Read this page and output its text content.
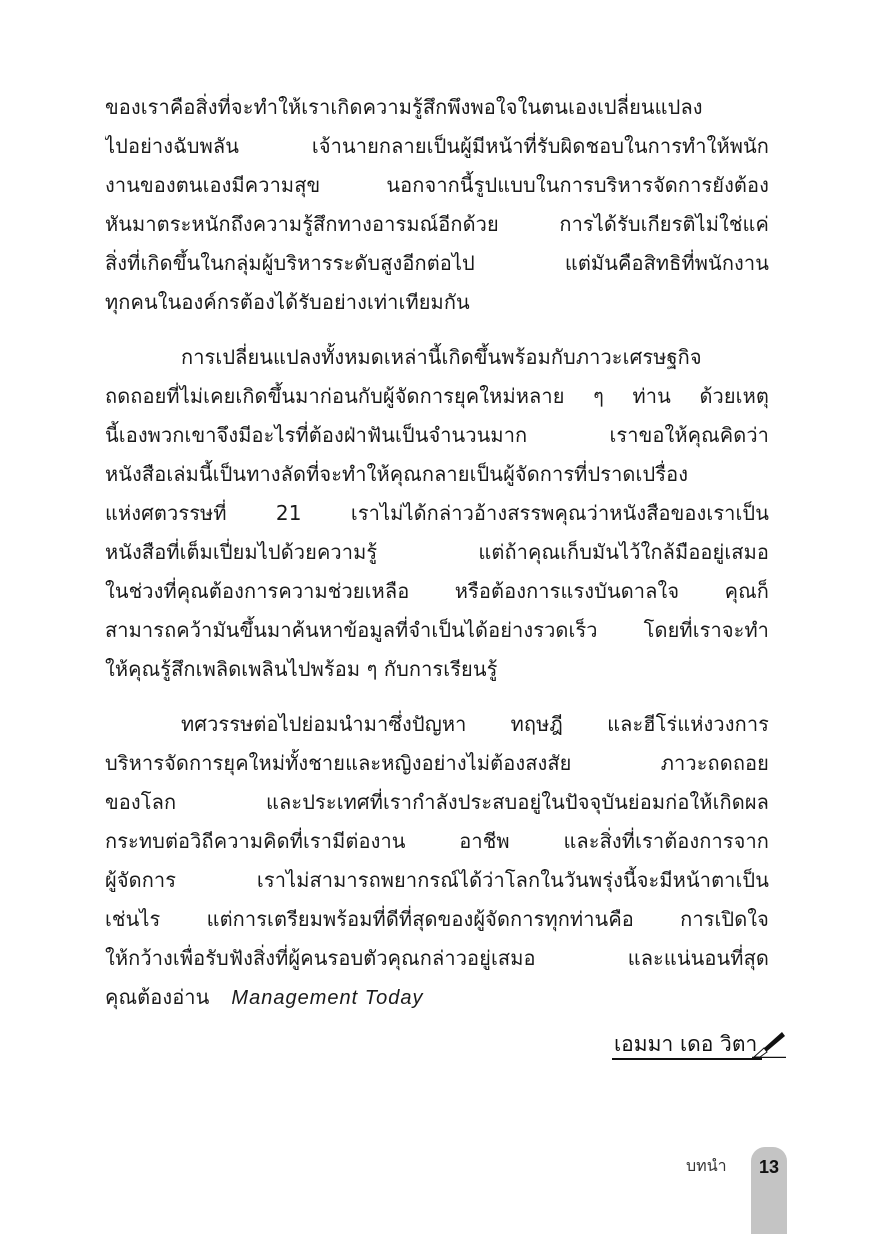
ของเราคือสิ่งที่จะทำให้เราเกิดความรู้สึกพึงพอใจในตนเองเปลี่ยนแปลง
ไปอย่างฉับพลัน เจ้านายกลายเป็นผู้มีหน้าที่รับผิดชอบในการทำให้พนัก
งานของตนเองมีความสุข นอกจากนี้รูปแบบในการบริหารจัดการยังต้อง
หันมาตระหนักถึงความรู้สึกทางอารมณ์อีกด้วย การได้รับเกียรติไม่ใช่แค่
สิ่งที่เกิดขึ้นในกลุ่มผู้บริหารระดับสูงอีกต่อไป แต่มันคือสิทธิที่พนักงาน
ทุกคนในองค์กรต้องได้รับอย่างเท่าเทียมกัน

การเปลี่ยนแปลงทั้งหมดเหล่านี้เกิดขึ้นพร้อมกับภาวะเศรษฐกิจ
ถดถอยที่ไม่เคยเกิดขึ้นมาก่อนกับผู้จัดการยุคใหม่หลาย ๆ ท่าน ด้วยเหตุ
นี้เองพวกเขาจึงมีอะไรที่ต้องฝ่าฟันเป็นจำนวนมาก เราขอให้คุณคิดว่า
หนังสือเล่มนี้เป็นทางลัดที่จะทำให้คุณกลายเป็นผู้จัดการที่ปราดเปรื่อง
แห่งศตวรรษที่ 21 เราไม่ได้กล่าวอ้างสรรพคุณว่าหนังสือของเราเป็น
หนังสือที่เต็มเปี่ยมไปด้วยความรู้ แต่ถ้าคุณเก็บมันไว้ใกล้มืออยู่เสมอ
ในช่วงที่คุณต้องการความช่วยเหลือ หรือต้องการแรงบันดาลใจ คุณก็
สามารถคว้ามันขึ้นมาค้นหาข้อมูลที่จำเป็นได้อย่างรวดเร็ว โดยที่เราจะทำ
ให้คุณรู้สึกเพลิดเพลินไปพร้อม ๆ กับการเรียนรู้

ทศวรรษต่อไปย่อมนำมาซึ่งปัญหา ทฤษฎี และฮีโร่แห่งวงการ
บริหารจัดการยุคใหม่ทั้งชายและหญิงอย่างไม่ต้องสงสัย ภาวะถดถอย
ของโลก และประเทศที่เรากำลังประสบอยู่ในปัจจุบันย่อมก่อให้เกิดผล
กระทบต่อวิถีความคิดที่เรามีต่องาน อาชีพ และสิ่งที่เราต้องการจาก
ผู้จัดการ เราไม่สามารถพยากรณ์ได้ว่าโลกในวันพรุ่งนี้จะมีหน้าตาเป็น
เช่นไร แต่การเตรียมพร้อมที่ดีที่สุดของผู้จัดการทุกท่านคือ การเปิดใจ
ให้กว้างเพื่อรับฟังสิ่งที่ผู้คนรอบตัวคุณกล่าวอยู่เสมอ และแน่นอนที่สุด
คุณต้องอ่าน Management Today

เอมมา เดอ วิตา
บทนำ	13
